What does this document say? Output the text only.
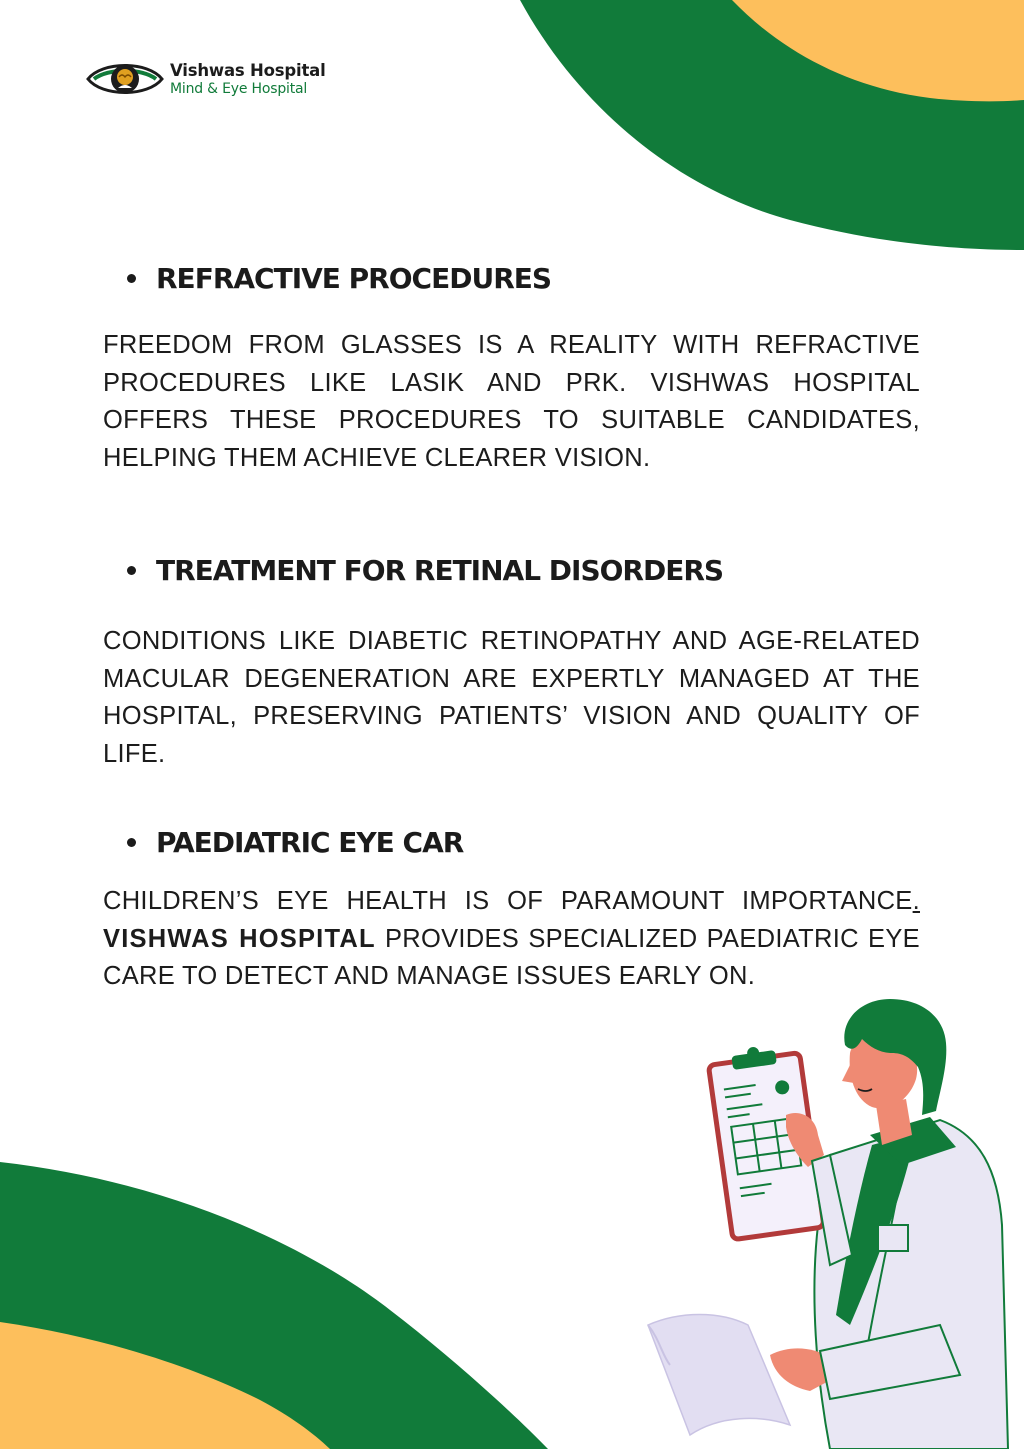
Vishwas Hospital
Mind & Eye Hospital
REFRACTIVE PROCEDURES

FREEDOM FROM GLASSES IS A REALITY WITH REFRACTIVE PROCEDURES LIKE LASIK AND PRK. VISHWAS HOSPITAL OFFERS THESE PROCEDURES TO SUITABLE CANDIDATES, HELPING THEM ACHIEVE CLEARER VISION.

TREATMENT FOR RETINAL DISORDERS

CONDITIONS LIKE DIABETIC RETINOPATHY AND AGE-RELATED MACULAR DEGENERATION ARE EXPERTLY MANAGED AT THE HOSPITAL, PRESERVING PATIENTS’ VISION AND QUALITY OF LIFE.

PAEDIATRIC EYE CAR

CHILDREN’S EYE HEALTH IS OF PARAMOUNT IMPORTANCE. VISHWAS HOSPITAL PROVIDES SPECIALIZED PAEDIATRIC EYE CARE TO DETECT AND MANAGE ISSUES EARLY ON.
